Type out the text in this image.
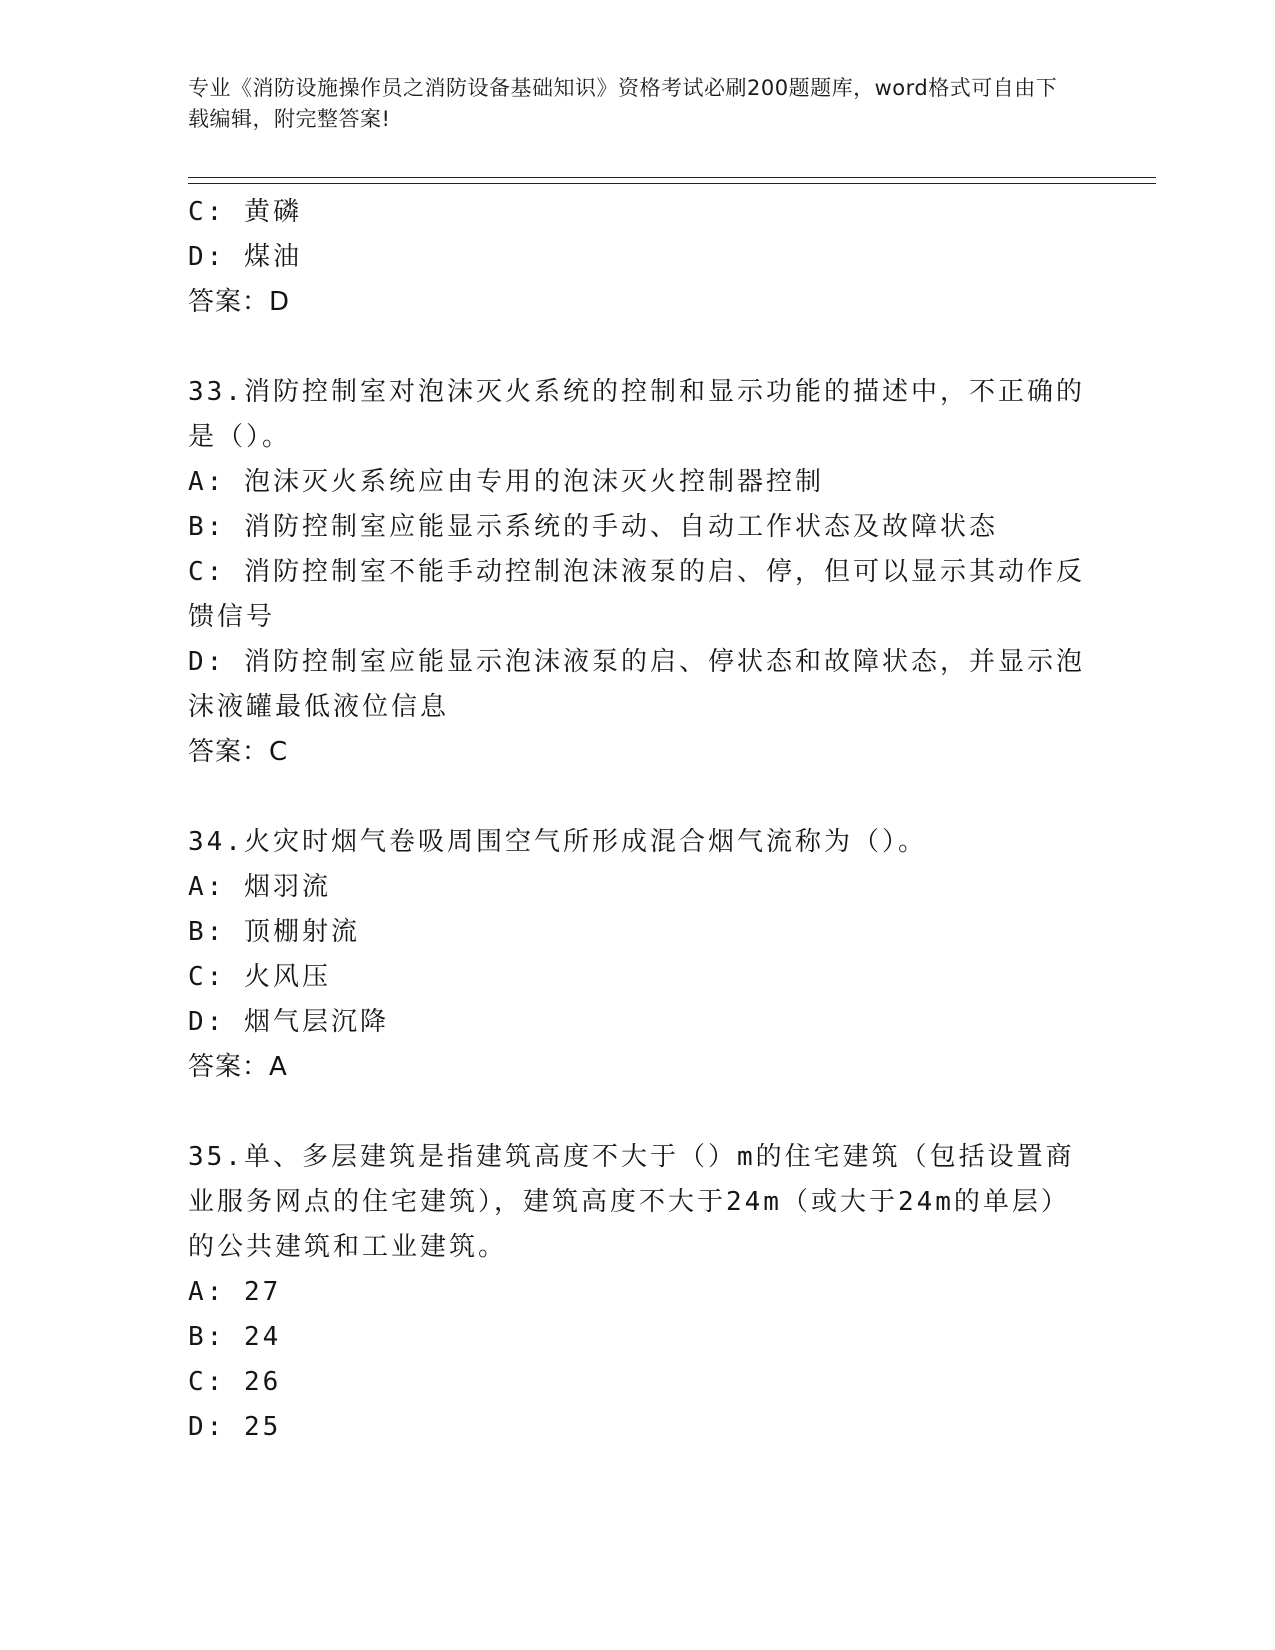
专业《消防设施操作员之消防设备基础知识》资格考试必刷200题题库，word格式可自由下载编辑，附完整答案!
C: 黄磷
D: 煤油
答案：D
33.消防控制室对泡沫灭火系统的控制和显示功能的描述中，不正确的是（）。
A: 泡沫灭火系统应由专用的泡沫灭火控制器控制
B: 消防控制室应能显示系统的手动、自动工作状态及故障状态
C: 消防控制室不能手动控制泡沫液泵的启、停，但可以显示其动作反馈信号
D: 消防控制室应能显示泡沫液泵的启、停状态和故障状态，并显示泡沫液罐最低液位信息
答案：C
34.火灾时烟气卷吸周围空气所形成混合烟气流称为（）。
A: 烟羽流
B: 顶棚射流
C: 火风压
D: 烟气层沉降
答案：A
35.单、多层建筑是指建筑高度不大于（）m的住宅建筑（包括设置商业服务网点的住宅建筑），建筑高度不大于24m（或大于24m的单层）的公共建筑和工业建筑。
A: 27
B: 24
C: 26
D: 25
